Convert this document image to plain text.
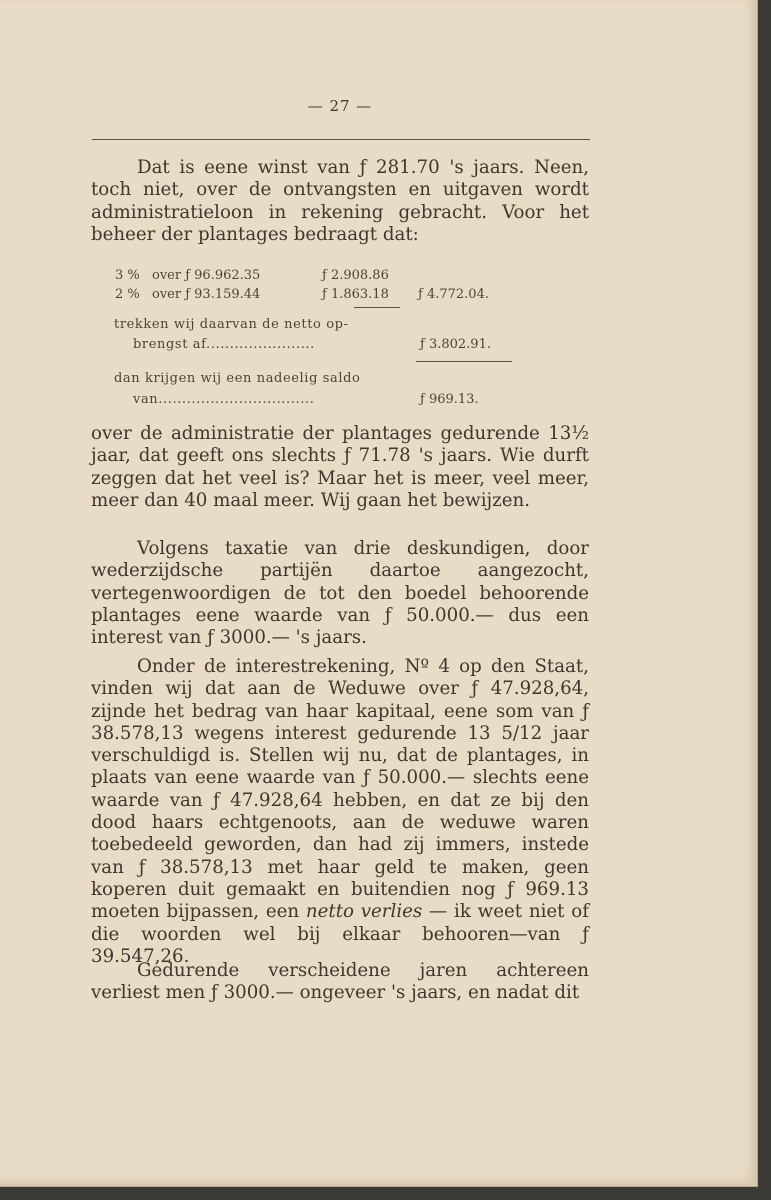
— 27 —

Dat is eene winst van ƒ 281.70 's jaars. Neen, toch niet, over de ontvangsten en uitgaven wordt administratieloon in rekening gebracht. Voor het beheer der plantages bedraagt dat:

3 % over ƒ 96.962.35	ƒ 2.908.86
2 % over ƒ 93.159.44	ƒ 1.863.18 ƒ 4.772.04.
trekken wij daarvan de netto op-
brengst af.......................	ƒ 3.802.91.
dan krijgen wij een nadeelig saldo
van.................................	ƒ 969.13.

over de administratie der plantages gedurende 13½ jaar, dat geeft ons slechts ƒ 71.78 's jaars. Wie durft zeggen dat het veel is? Maar het is meer, veel meer, meer dan 40 maal meer. Wij gaan het bewijzen.

Volgens taxatie van drie deskundigen, door wederzijdsche partijën daartoe aangezocht, vertegenwoordigen de tot den boedel behoorende plantages eene waarde van ƒ 50.000.— dus een interest van ƒ 3000.— 's jaars.

Onder de interestrekening, Nº 4 op den Staat, vinden wij dat aan de Weduwe over ƒ 47.928,64, zijnde het bedrag van haar kapitaal, eene som van ƒ 38.578,13 wegens interest gedurende 13 5/12 jaar verschuldigd is. Stellen wij nu, dat de plantages, in plaats van eene waarde van ƒ 50.000.— slechts eene waarde van ƒ 47.928,64 hebben, en dat ze bij den dood haars echtgenoots, aan de weduwe waren toebedeeld geworden, dan had zij immers, instede van ƒ 38.578,13 met haar geld te maken, geen koperen duit gemaakt en buitendien nog ƒ 969.13 moeten bijpassen, een netto verlies — ik weet niet of die woorden wel bij elkaar behooren—van ƒ 39.547,26.

Gedurende verscheidene jaren achtereen verliest men ƒ 3000.— ongeveer 's jaars, en nadat dit
